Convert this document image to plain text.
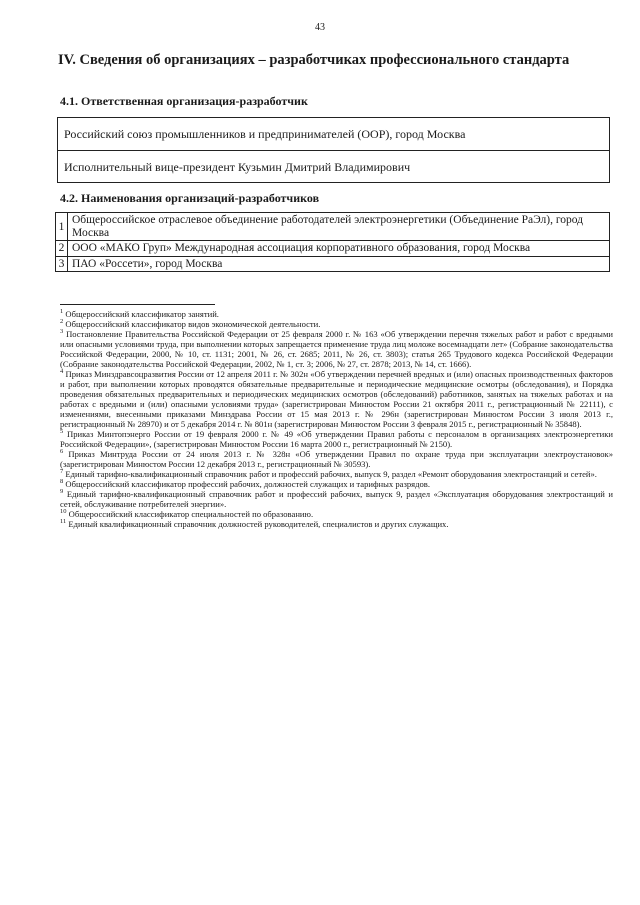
43
IV. Сведения об организациях – разработчиках профессионального стандарта
4.1. Ответственная организация-разработчик
Российский союз промышленников и предпринимателей (ООР), город Москва
Исполнительный вице-президент Кузьмин Дмитрий Владимирович
4.2. Наименования организаций-разработчиков
1
Общероссийское отраслевое объединение работодателей электроэнергетики (Объединение РаЭл), город Москва
2 ООО «МАКО Груп» Международная ассоциация корпоративного образования, город Москва
3 ПАО «Россети», город Москва

$^1$ Общероссийский классификатор занятий.

$^2$ Общероссийский классификатор видов экономической деятельности.

$^3$ Постановление Правительства Российской Федерации от 25 февраля 2000 г. № 163 «Об утверждении перечня тяжелых работ и работ с вредными или опасными условиями труда, при выполнении которых запрещается применение труда лиц моложе восемнадцати лет» (Собрание законодательства Российской Федерации, 2000, № 10, ст. 1131; 2001, № 26, ст. 2685; 2011, № 26, ст. 3803); статья 265 Трудового кодекса Российской Федерации (Собрание законодательства Российской Федерации, 2002, № 1, ст. 3; 2006, № 27, ст. 2878; 2013, № 14, ст. 1666).

$^4$ Приказ Минздравсоцразвития России от 12 апреля 2011 г. № 302н «Об утверждении перечней вредных и (или) опасных производственных факторов и работ, при выполнении которых проводятся обязательные предварительные и периодические медицинские осмотры (обследования), и Порядка проведения обязательных предварительных и периодических медицинских осмотров (обследований) работников, занятых на тяжелых работах и на работах с вредными и (или) опасными условиями труда» (зарегистрирован Минюстом России 21 октября 2011 г., регистрационный № 22111), с изменениями, внесенными приказами Минздрава России от 15 мая 2013 г. № 296н (зарегистрирован Минюстом России 3 июля 2013 г., регистрационный № 28970) и от 5 декабря 2014 г. № 801н (зарегистрирован Минюстом России 3 февраля 2015 г., регистрационный № 35848).

$^5$ Приказ Минтопэнерго России от 19 февраля 2000 г. № 49 «Об утверждении Правил работы с персоналом в организациях электроэнергетики Российской Федерации», (зарегистрирован Минюстом России 16 марта 2000 г., регистрационный № 2150).

$^6$ Приказ Минтруда России от 24 июля 2013 г. № 328н «Об утверждении Правил по охране труда при эксплуатации электроустановок» (зарегистрирован Минюстом России 12 декабря 2013 г., регистрационный № 30593).

$^7$ Единый тарифно-квалификационный справочник работ и профессий рабочих, выпуск 9, раздел «Ремонт оборудования электростанций и сетей».

$^8$ Общероссийский классификатор профессий рабочих, должностей служащих и тарифных разрядов.

$^9$ Единый тарифно-квалификационный справочник работ и профессий рабочих, выпуск 9, раздел «Эксплуатация оборудования электростанций и сетей, обслуживание потребителей энергии».

$^{10}$ Общероссийский классификатор специальностей по образованию.

$^{11}$ Единый квалификационный справочник должностей руководителей, специалистов и других служащих.
